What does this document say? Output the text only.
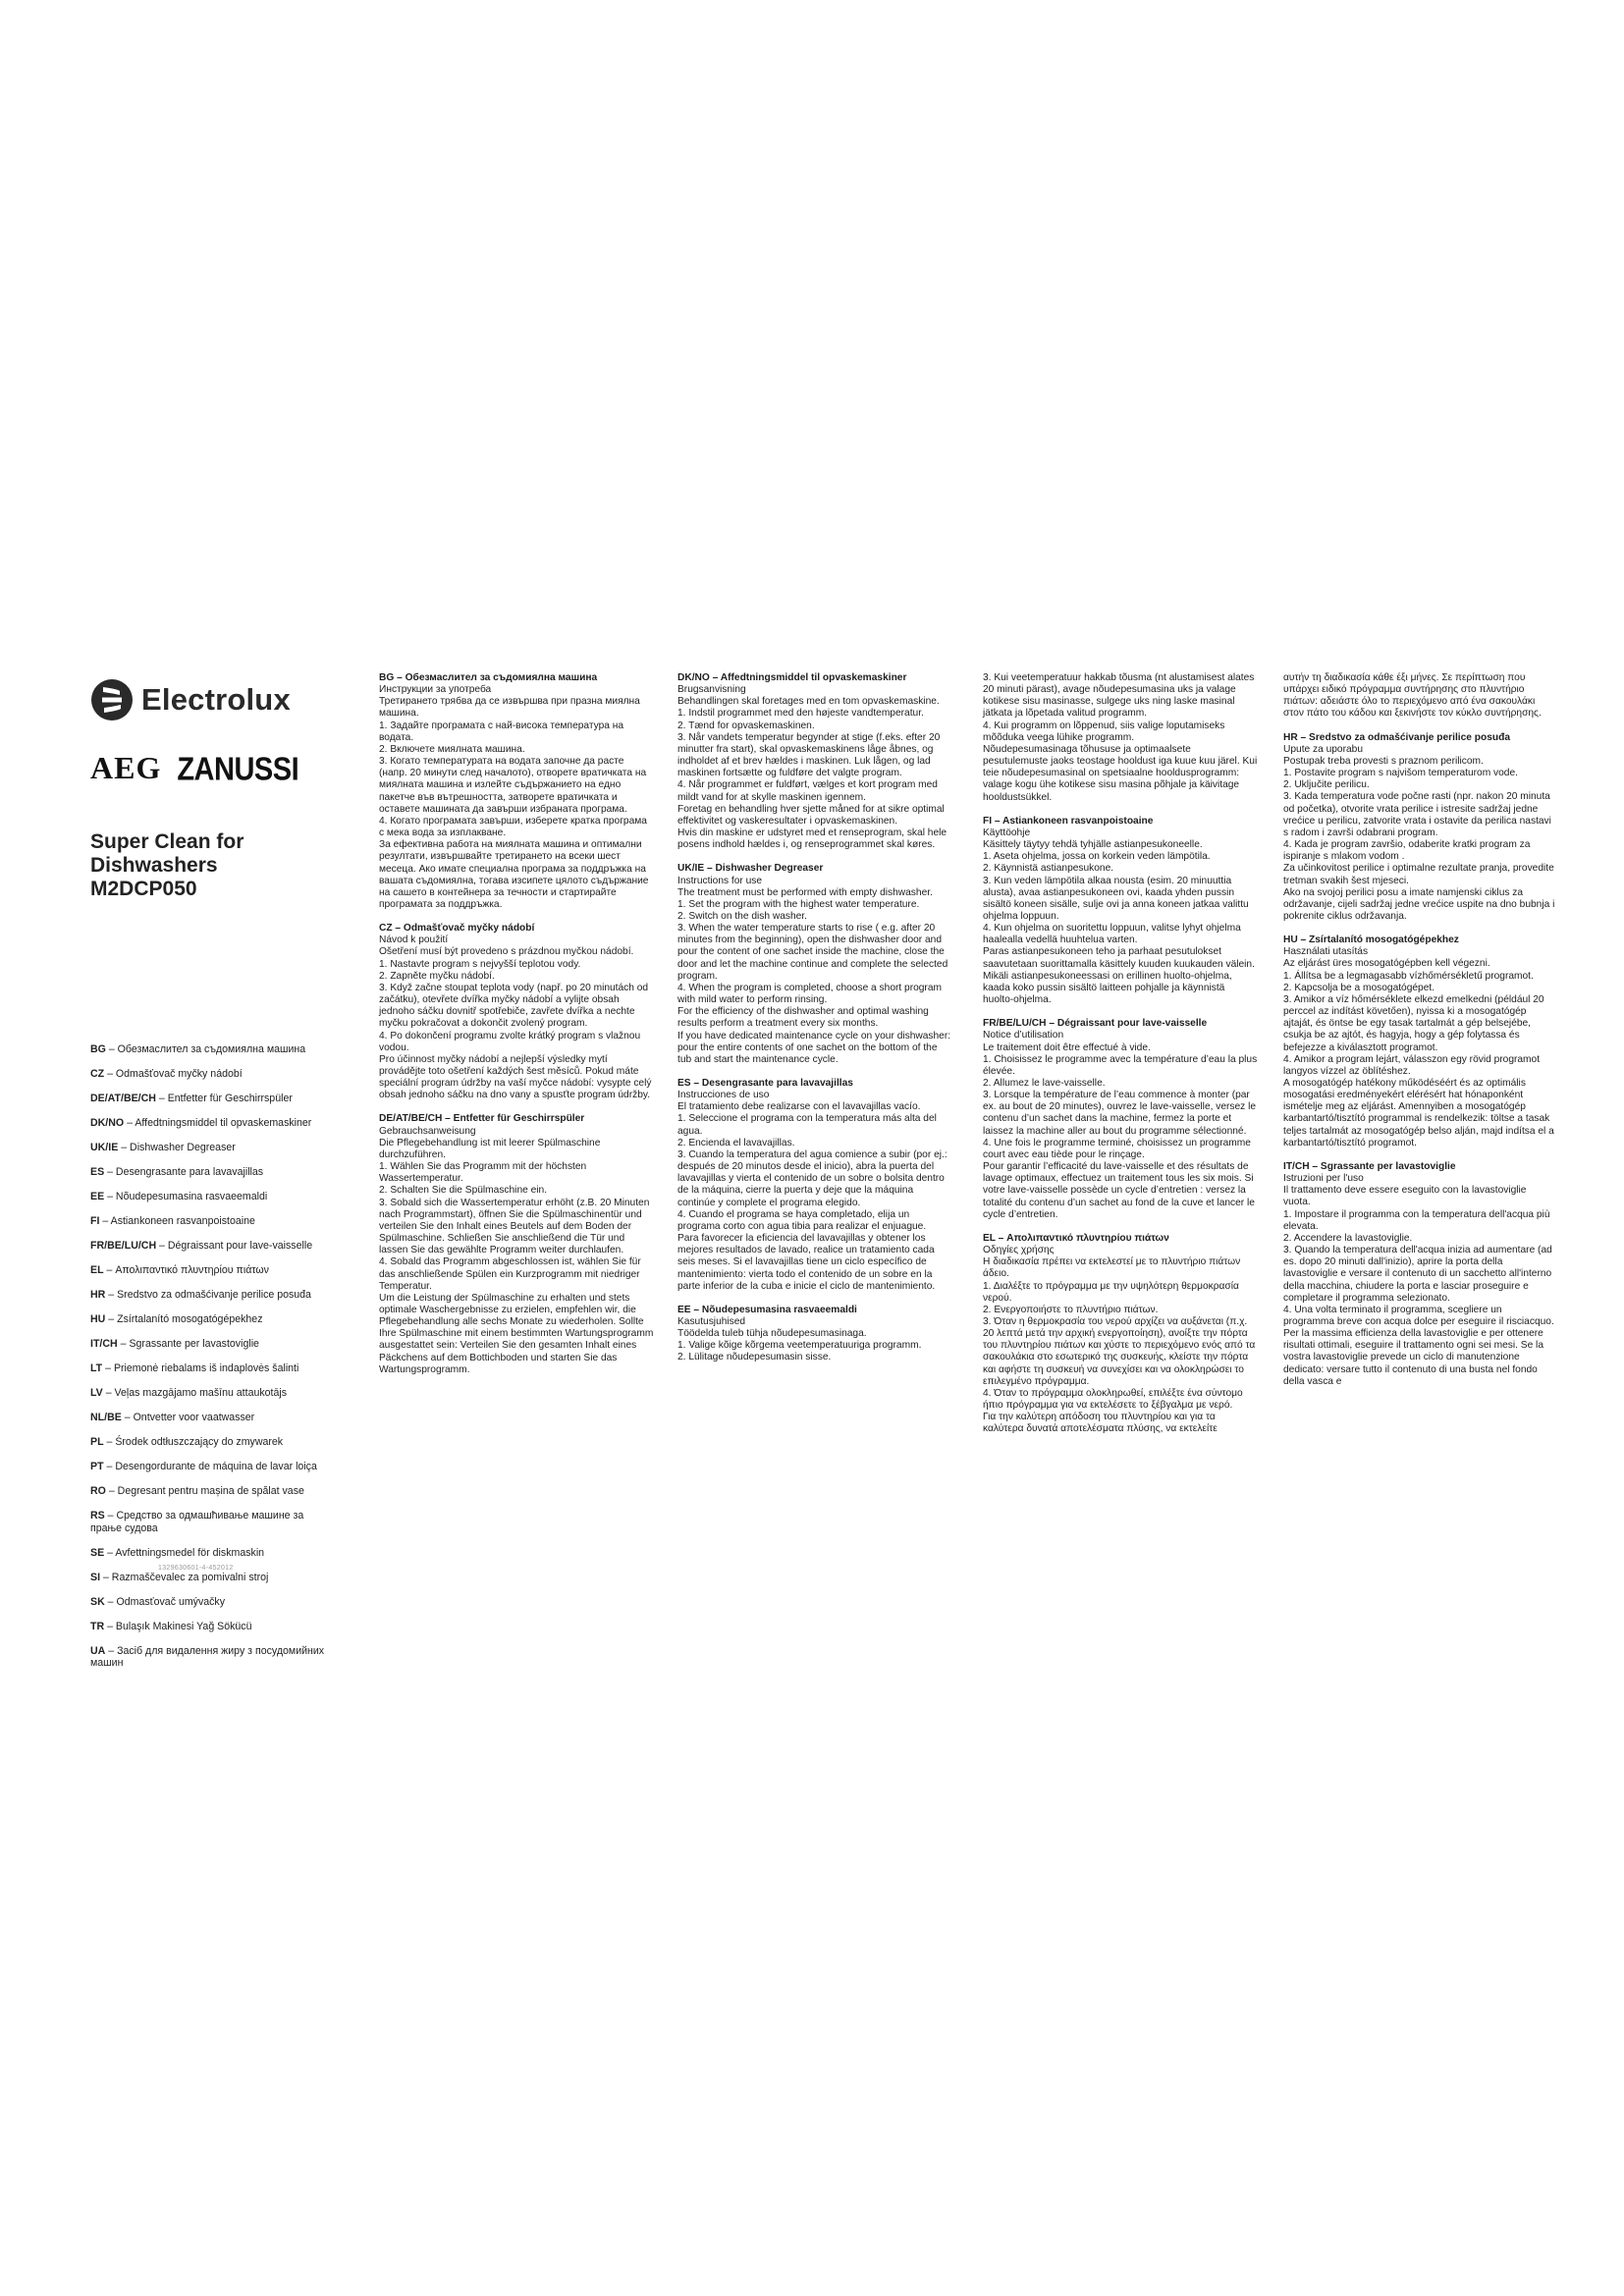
Electrolux
AEG ZANUSSI
Super Clean for Dishwashers M2DCP050
BG – Обезмаслител за съдомиялна машина
CZ – Odmašťovač myčky nádobí
DE/AT/BE/CH – Entfetter für Geschirrspüler
DK/NO – Affedtningsmiddel til opvaskemaskiner
UK/IE – Dishwasher Degreaser
ES – Desengrasante para lavavajillas
EE – Nõudepesumasina rasvaeemaldi
FI – Astiankoneen rasvanpoistoaine
FR/BE/LU/CH – Dégraissant pour lave-vaisselle
EL – Απολιπαντικό πλυντηρίου πιάτων
HR – Sredstvo za odmašćivanje perilice posuđa
HU – Zsírtalanító mosogatógépekhez
IT/CH – Sgrassante per lavastoviglie
LT – Priemonė riebalams iš indaplovės šalinti
LV – Veļas mazgājamo mašīnu attaukotājs
NL/BE – Ontvetter voor vaatwasser
PL – Środek odtłuszczający do zmywarek
PT – Desengordurante de máquina de lavar loiça
RO – Degresant pentru mașina de spălat vase
RS – Средство за одмашћивање машине за прање судова
SE – Avfettningsmedel för diskmaskin
SI – Razmaščevalec za pomivalni stroj
SK – Odmasťovač umývačky
TR – Bulaşık Makinesi Yağ Sökücü
UA – Засіб для видалення жиру з посудомийних машин
1329630601-4-452012
BG – Обезмаслител за съдомиялна машина

Инструкции за употреба

Третирането трябва да се извършва при празна миялна машина.

1. Задайте програмата с най-висока температура на водата.

2. Включете миялната машина.

3. Когато температурата на водата започне да расте (напр. 20 минути след началото), отворете вратичката на миялната машина и излейте съдържанието на едно пакетче във вътрешността, затворете вратичката и оставете машината да завърши избраната програма.

4. Когато програмата завърши, изберете кратка програма с мека вода за изплакване.

За ефективна работа на миялната машина и оптимални резултати, извършвайте третирането на всеки шест месеца. Ако имате специална програма за поддръжка на вашата съдомиялна, тогава изсипете цялото съдържание на сашето в контейнера за течности и стартирайте програмата за поддръжка.

CZ – Odmašťovač myčky nádobí

Návod k použití

Ošetření musí být provedeno s prázdnou myčkou nádobí.

1. Nastavte program s nejvyšší teplotou vody.

2. Zapněte myčku nádobí.

3. Když začne stoupat teplota vody (např. po 20 minutách od začátku), otevřete dvířka myčky nádobí a vylijte obsah jednoho sáčku dovnitř spotřebiče, zavřete dvířka a nechte myčku pokračovat a dokončit zvolený program.

4. Po dokončení programu zvolte krátký program s vlažnou vodou.

Pro účinnost myčky nádobí a nejlepší výsledky mytí provádějte toto ošetření každých šest měsíců. Pokud máte speciální program údržby na vaší myčce nádobí: vysypte celý obsah jednoho sáčku na dno vany a spusťte program údržby.

DE/AT/BE/CH – Entfetter für Geschirrspüler

Gebrauchsanweisung

Die Pflegebehandlung ist mit leerer Spülmaschine durchzuführen.

1. Wählen Sie das Programm mit der höchsten Wassertemperatur.

2. Schalten Sie die Spülmaschine ein.

3. Sobald sich die Wassertemperatur erhöht (z.B. 20 Minuten nach Programmstart), öffnen Sie die Spülmaschinentür und verteilen Sie den Inhalt eines Beutels auf dem Boden der Spülmaschine. Schließen Sie anschließend die Tür und lassen Sie das gewählte Programm weiter durchlaufen.

4. Sobald das Programm abgeschlossen ist, wählen Sie für das anschließende Spülen ein Kurzprogramm mit niedriger Temperatur.

Um die Leistung der Spülmaschine zu erhalten und stets optimale Waschergebnisse zu erzielen, empfehlen wir, die Pflegebehandlung alle sechs Monate zu wiederholen. Sollte Ihre Spülmaschine mit einem bestimmten Wartungsprogramm ausgestattet sein: Verteilen Sie den gesamten Inhalt eines Päckchens auf dem Bottichboden und starten Sie das Wartungsprogramm.

DK/NO – Affedtningsmiddel til opvaskemaskiner

Brugsanvisning

Behandlingen skal foretages med en tom opvaskemaskine.

1. Indstil programmet med den højeste vandtemperatur.

2. Tænd for opvaskemaskinen.

3. Når vandets temperatur begynder at stige (f.eks. efter 20 minutter fra start), skal opvaskemaskinens låge åbnes, og indholdet af et brev hældes i maskinen. Luk lågen, og lad maskinen fortsætte og fuldføre det valgte program.

4. Når programmet er fuldført, vælges et kort program med mildt vand for at skylle maskinen igennem.

Foretag en behandling hver sjette måned for at sikre optimal effektivitet og vaskeresultater i opvaskemaskinen.

Hvis din maskine er udstyret med et renseprogram, skal hele posens indhold hældes i, og renseprogrammet skal køres.

UK/IE – Dishwasher Degreaser

Instructions for use

The treatment must be performed with empty dishwasher.

1. Set the program with the highest water temperature.

2. Switch on the dish washer.

3. When the water temperature starts to rise ( e.g. after 20 minutes from the beginning), open the dishwasher door and pour the content of one sachet inside the machine, close the door and let the machine continue and complete the selected program.

4. When the program is completed, choose a short program with mild water to perform rinsing.

For the efficiency of the dishwasher and optimal washing results perform a treatment every six months.

If you have dedicated maintenance cycle on your dishwasher: pour the entire contents of one sachet on the bottom of the tub and start the maintenance cycle.

ES – Desengrasante para lavavajillas

Instrucciones de uso

El tratamiento debe realizarse con el lavavajillas vacío.

1. Seleccione el programa con la temperatura más alta del agua.

2. Encienda el lavavajillas.

3. Cuando la temperatura del agua comience a subir (por ej.: después de 20 minutos desde el inicio), abra la puerta del lavavajillas y vierta el contenido de un sobre o bolsita dentro de la máquina, cierre la puerta y deje que la máquina continúe y complete el programa elegido.

4. Cuando el programa se haya completado, elija un programa corto con agua tibia para realizar el enjuague.

Para favorecer la eficiencia del lavavajillas y obtener los mejores resultados de lavado, realice un tratamiento cada seis meses. Si el lavavajillas tiene un ciclo específico de mantenimiento: vierta todo el contenido de un sobre en la parte inferior de la cuba e inicie el ciclo de mantenimiento.

EE – Nõudepesumasina rasvaeemaldi

Kasutusjuhised

Töödelda tuleb tühja nõudepesumasinaga.

1. Valige kõige kõrgema veetemperatuuriga programm.

2. Lülitage nõudepesumasin sisse.

3. Kui veetemperatuur hakkab tõusma (nt alustamisest alates 20 minuti pärast), avage nõudepesumasina uks ja valage kotikese sisu masinasse, sulgege uks ning laske masinal jätkata ja lõpetada valitud programm.

4. Kui programm on lõppenud, siis valige loputamiseks mõõduka veega lühike programm.

Nõudepesumasinaga tõhususe ja optimaalsete pesutulemuste jaoks teostage hooldust iga kuue kuu järel. Kui teie nõudepesumasinal on spetsiaalne hooldusprogramm: valage kogu ühe kotikese sisu masina põhjale ja käivitage hooldustsükkel.

FI – Astiankoneen rasvanpoistoaine

Käyttöohje

Käsittely täytyy tehdä tyhjälle astianpesukoneelle.

1. Aseta ohjelma, jossa on korkein veden lämpötila.

2. Käynnistä astianpesukone.

3. Kun veden lämpötila alkaa nousta (esim. 20 minuuttia alusta), avaa astianpesukoneen ovi, kaada yhden pussin sisältö koneen sisälle, sulje ovi ja anna koneen jatkaa valittu ohjelma loppuun.

4. Kun ohjelma on suoritettu loppuun, valitse lyhyt ohjelma haalealla vedellä huuhtelua varten.

Paras astianpesukoneen teho ja parhaat pesutulokset saavutetaan suorittamalla käsittely kuuden kuukauden välein. Mikäli astianpesukoneessasi on erillinen huolto-ohjelma, kaada koko pussin sisältö laitteen pohjalle ja käynnistä huolto-ohjelma.

FR/BE/LU/CH – Dégraissant pour lave-vaisselle

Notice d’utilisation

Le traitement doit être effectué à vide.

1. Choisissez le programme avec la température d’eau la plus élevée.

2. Allumez le lave-vaisselle.

3. Lorsque la température de l’eau commence à monter (par ex. au bout de 20 minutes), ouvrez le lave-vaisselle, versez le contenu d’un sachet dans la machine, fermez la porte et laissez la machine aller au bout du programme sélectionné.

4. Une fois le programme terminé, choisissez un programme court avec eau tiède pour le rinçage.

Pour garantir l’efficacité du lave-vaisselle et des résultats de lavage optimaux, effectuez un traitement tous les six mois. Si votre lave-vaisselle possède un cycle d’entretien : versez la totalité du contenu d’un sachet au fond de la cuve et lancer le cycle d’entretien.

EL – Απολιπαντικό πλυντηρίου πιάτων

Οδηγίες χρήσης

Η διαδικασία πρέπει να εκτελεστεί με το πλυντήριο πιάτων άδειο.

1. Διαλέξτε το πρόγραμμα με την υψηλότερη θερμοκρασία νερού.

2. Ενεργοποιήστε το πλυντήριο πιάτων.

3. Όταν η θερμοκρασία του νερού αρχίζει να αυξάνεται (π.χ. 20 λεπτά μετά την αρχική ενεργοποίηση), ανοίξτε την πόρτα του πλυντηρίου πιάτων και χύστε το περιεχόμενο ενός από τα σακουλάκια στο εσωτερικό της συσκευής, κλείστε την πόρτα και αφήστε τη συσκευή να συνεχίσει και να ολοκληρώσει το επιλεγμένο πρόγραμμα.

4. Όταν το πρόγραμμα ολοκληρωθεί, επιλέξτε ένα σύντομο ήπιο πρόγραμμα για να εκτελέσετε το ξέβγαλμα με νερό.

Για την καλύτερη απόδοση του πλυντηρίου και για τα καλύτερα δυνατά αποτελέσματα πλύσης, να εκτελείτε

αυτήν τη διαδικασία κάθε έξι μήνες. Σε περίπτωση που υπάρχει ειδικό πρόγραμμα συντήρησης στο πλυντήριο πιάτων: αδειάστε όλο το περιεχόμενο από ένα σακουλάκι στον πάτο του κάδου και ξεκινήστε τον κύκλο συντήρησης.

HR – Sredstvo za odmašćivanje perilice posuđa

Upute za uporabu

Postupak treba provesti s praznom perilicom.

1. Postavite program s najvišom temperaturom vode.

2. Uključite perilicu.

3. Kada temperatura vode počne rasti (npr. nakon 20 minuta od početka), otvorite vrata perilice i istresite sadržaj jedne vrećice u perilicu, zatvorite vrata i ostavite da perilica nastavi s radom i završi odabrani program.

4. Kada je program završio, odaberite kratki program za ispiranje s mlakom vodom .

Za učinkovitost perilice i optimalne rezultate pranja, provedite tretman svakih šest mjeseci.

Ako na svojoj perilici posu a imate namjenski ciklus za održavanje, cijeli sadržaj jedne vrećice uspite na dno bubnja i pokrenite ciklus održavanja.

HU – Zsírtalanító mosogatógépekhez

Használati utasítás

Az eljárást üres mosogatógépben kell végezni.

1. Állítsa be a legmagasabb vízhőmérsékletű programot.

2. Kapcsolja be a mosogatógépet.

3. Amikor a víz hőmérséklete elkezd emelkedni (például 20 perccel az indítást követően), nyissa ki a mosogatógép ajtaját, és öntse be egy tasak tartalmát a gép belsejébe, csukja be az ajtót, és hagyja, hogy a gép folytassa és befejezze a kiválasztott programot.

4. Amikor a program lejárt, válasszon egy rövid programot langyos vízzel az öblítéshez.

A mosogatógép hatékony működéséért és az optimális mosogatási eredményekért elérésért hat hónaponként ismételje meg az eljárást. Amennyiben a mosogatógép

karbantartó/tisztító programmal is rendelkezik: töltse a tasak teljes tartalmát az mosogatógép belso alján, majd indítsa el a karbantartó/tisztító programot.

IT/CH – Sgrassante per lavastoviglie

Istruzioni per l'uso

Il trattamento deve essere eseguito con la lavastoviglie vuota.

1. Impostare il programma con la temperatura dell'acqua più elevata.

2. Accendere la lavastoviglie.

3. Quando la temperatura dell'acqua inizia ad aumentare (ad es. dopo 20 minuti dall'inizio), aprire la porta della lavastoviglie e versare il contenuto di un sacchetto all'interno della macchina, chiudere la porta e lasciar proseguire e completare il programma selezionato.

4. Una volta terminato il programma, scegliere un programma breve con acqua dolce per eseguire il risciacquo.

Per la massima efficienza della lavastoviglie e per ottenere risultati ottimali, eseguire il trattamento ogni sei mesi. Se la vostra lavastoviglie prevede un ciclo di manutenzione dedicato: versare tutto il contenuto di una busta nel fondo della vasca e
